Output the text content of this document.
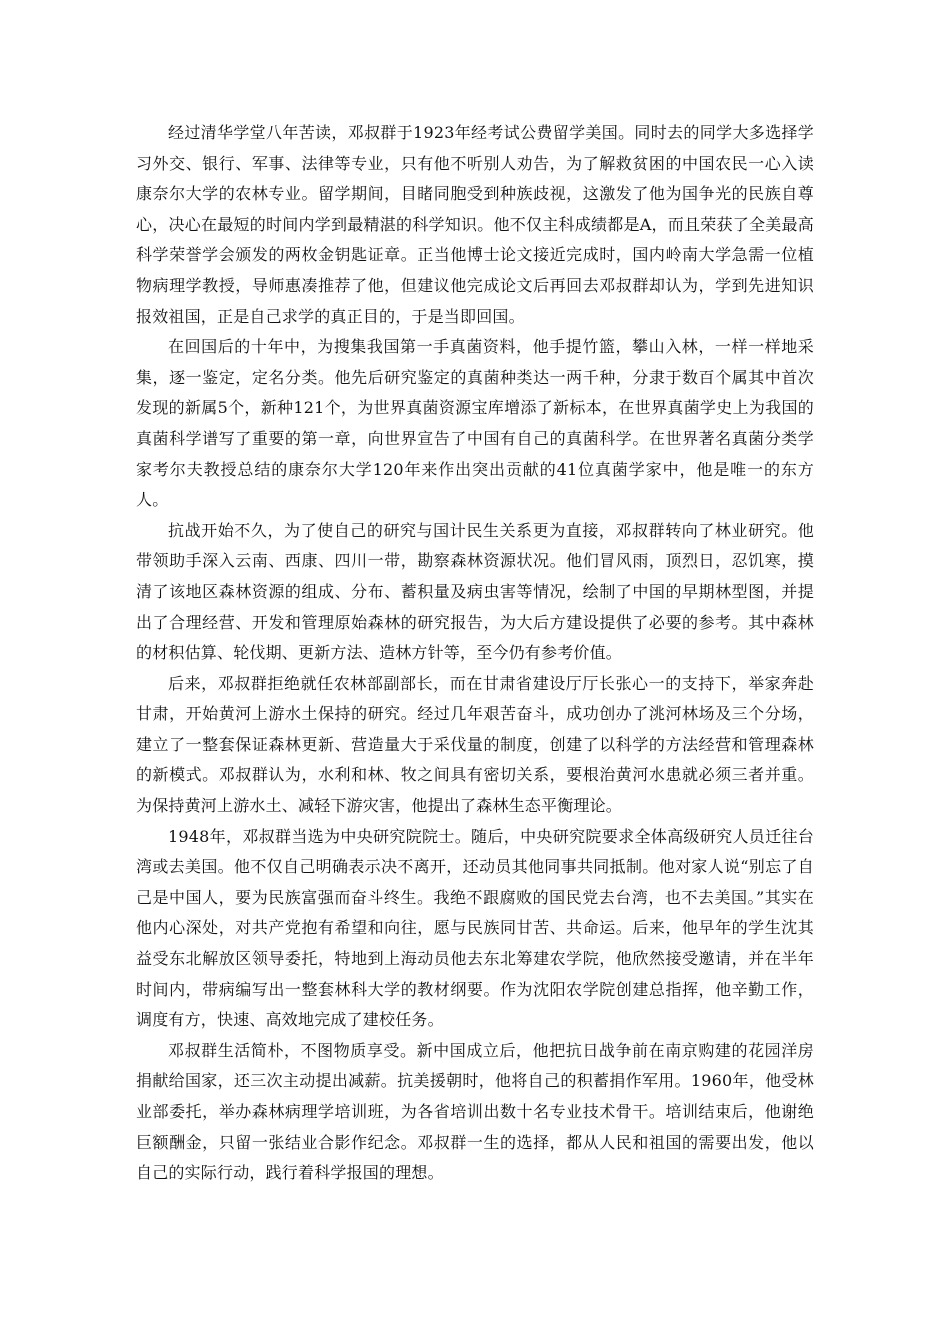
经过清华学堂八年苦读，邓叔群于1923年经考试公费留学美国。同时去的同学大多选择学习外交、银行、军事、法律等专业，只有他不听别人劝告，为了解救贫困的中国农民一心入读康奈尔大学的农林专业。留学期间，目睹同胞受到种族歧视，这激发了他为国争光的民族自尊心，决心在最短的时间内学到最精湛的科学知识。他不仅主科成绩都是A，而且荣获了全美最高科学荣誉学会颁发的两枚金钥匙证章。正当他博士论文接近完成时，国内岭南大学急需一位植物病理学教授，导师惠凑推荐了他，但建议他完成论文后再回去邓叔群却认为，学到先进知识报效祖国，正是自己求学的真正目的，于是当即回国。

在回国后的十年中，为搜集我国第一手真菌资料，他手提竹篮，攀山入林，一样一样地采集，逐一鉴定，定名分类。他先后研究鉴定的真菌种类达一两千种，分隶于数百个属其中首次发现的新属5个，新种121个，为世界真菌资源宝库增添了新标本，在世界真菌学史上为我国的真菌科学谱写了重要的第一章，向世界宣告了中国有自己的真菌科学。在世界著名真菌分类学家考尔夫教授总结的康奈尔大学120年来作出突出贡献的41位真菌学家中，他是唯一的东方人。

抗战开始不久，为了使自己的研究与国计民生关系更为直接，邓叔群转向了林业研究。他带领助手深入云南、西康、四川一带，勘察森林资源状况。他们冒风雨，顶烈日，忍饥寒，摸清了该地区森林资源的组成、分布、蓄积量及病虫害等情况，绘制了中国的早期林型图，并提出了合理经营、开发和管理原始森林的研究报告，为大后方建设提供了必要的参考。其中森林的材积估算、轮伐期、更新方法、造林方针等，至今仍有参考价值。

后来，邓叔群拒绝就任农林部副部长，而在甘肃省建设厅厅长张心一的支持下，举家奔赴甘肃，开始黄河上游水土保持的研究。经过几年艰苦奋斗，成功创办了洮河林场及三个分场，建立了一整套保证森林更新、营造量大于采伐量的制度，创建了以科学的方法经营和管理森林的新模式。邓叔群认为，水利和林、牧之间具有密切关系，要根治黄河水患就必须三者并重。为保持黄河上游水土、减轻下游灾害，他提出了森林生态平衡理论。

1948年，邓叔群当选为中央研究院院士。随后，中央研究院要求全体高级研究人员迁往台湾或去美国。他不仅自己明确表示决不离开，还动员其他同事共同抵制。他对家人说“别忘了自己是中国人，要为民族富强而奋斗终生。我绝不跟腐败的国民党去台湾，也不去美国。”其实在他内心深处，对共产党抱有希望和向往，愿与民族同甘苦、共命运。后来，他早年的学生沈其益受东北解放区领导委托，特地到上海动员他去东北筹建农学院，他欣然接受邀请，并在半年时间内，带病编写出一整套林科大学的教材纲要。作为沈阳农学院创建总指挥，他辛勤工作，调度有方，快速、高效地完成了建校任务。

邓叔群生活简朴，不图物质享受。新中国成立后，他把抗日战争前在南京购建的花园洋房捐献给国家，还三次主动提出减薪。抗美援朝时，他将自己的积蓄捐作军用。1960年，他受林业部委托，举办森林病理学培训班，为各省培训出数十名专业技术骨干。培训结束后，他谢绝巨额酬金，只留一张结业合影作纪念。邓叔群一生的选择，都从人民和祖国的需要出发，他以自己的实际行动，践行着科学报国的理想。
